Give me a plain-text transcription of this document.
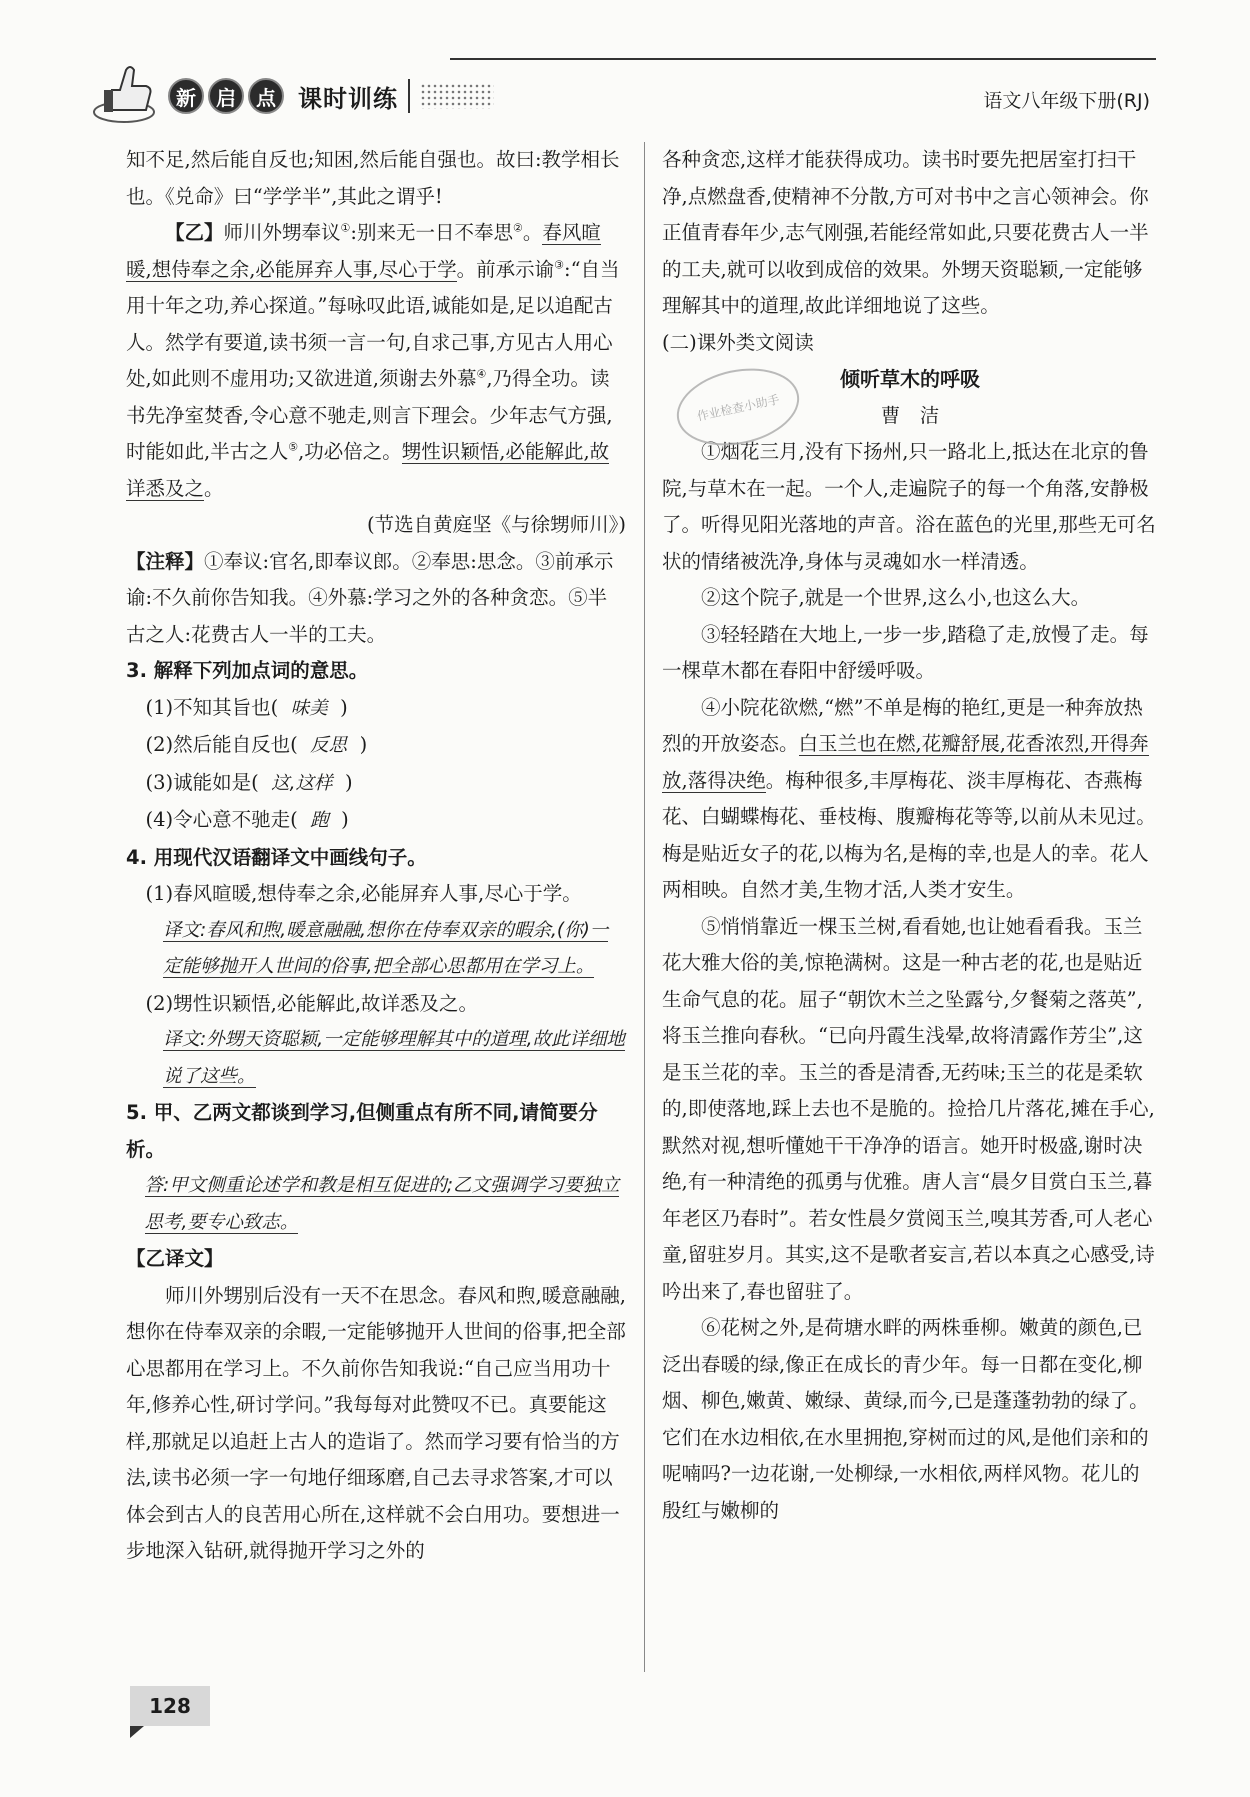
新	启	点 课时训练	语文八年级下册(RJ)

知不足,然后能自反也;知困,然后能自强也。故曰:教学相长也。《兑命》曰“学学半”,其此之谓乎!

【乙】师川外甥奉议①:别来无一日不奉思②。春风暄暖,想侍奉之余,必能屏弃人事,尽心于学。前承示谕③:“自当用十年之功,养心探道。”每咏叹此语,诚能如是,足以追配古人。然学有要道,读书须一言一句,自求己事,方见古人用心处,如此则不虚用功;又欲进道,须谢去外慕④,乃得全功。读书先净室焚香,令心意不驰走,则言下理会。少年志气方强,时能如此,半古之人⑤,功必倍之。甥性识颖悟,必能解此,故详悉及之。

(节选自黄庭坚《与徐甥师川》)

【注释】①奉议:官名,即奉议郎。②奉思:思念。③前承示谕:不久前你告知我。④外慕:学习之外的各种贪恋。⑤半古之人:花费古人一半的工夫。

3. 解释下列加点词的意思。

(1)不知其旨也( 味美 )

(2)然后能自反也( 反思 )

(3)诚能如是( 这,这样 )

(4)令心意不驰走( 跑 )

4. 用现代汉语翻译文中画线句子。

(1)春风暄暖,想侍奉之余,必能屏弃人事,尽心于学。

译文:春风和煦,暖意融融,想你在侍奉双亲的暇余,(你)一定能够抛开人世间的俗事,把全部心思都用在学习上。

(2)甥性识颖悟,必能解此,故详悉及之。

译文:外甥天资聪颖,一定能够理解其中的道理,故此详细地说了这些。

5. 甲、乙两文都谈到学习,但侧重点有所不同,请简要分析。

答:甲文侧重论述学和教是相互促进的;乙文强调学习要独立思考,要专心致志。

【乙译文】

师川外甥别后没有一天不在思念。春风和煦,暖意融融,想你在侍奉双亲的余暇,一定能够抛开人世间的俗事,把全部心思都用在学习上。不久前你告知我说:“自己应当用功十年,修养心性,研讨学问。”我每每对此赞叹不已。真要能这样,那就足以追赶上古人的造诣了。然而学习要有恰当的方法,读书必须一字一句地仔细琢磨,自己去寻求答案,才可以体会到古人的良苦用心所在,这样就不会白用功。要想进一步地深入钻研,就得抛开学习之外的

各种贪恋,这样才能获得成功。读书时要先把居室打扫干净,点燃盘香,使精神不分散,方可对书中之言心领神会。你正值青春年少,志气刚强,若能经常如此,只要花费古人一半的工夫,就可以收到成倍的效果。外甥天资聪颖,一定能够理解其中的道理,故此详细地说了这些。

(二)课外类文阅读

倾听草木的呼吸

曹　洁

①烟花三月,没有下扬州,只一路北上,抵达在北京的鲁院,与草木在一起。一个人,走遍院子的每一个角落,安静极了。听得见阳光落地的声音。浴在蓝色的光里,那些无可名状的情绪被洗净,身体与灵魂如水一样清透。

②这个院子,就是一个世界,这么小,也这么大。

③轻轻踏在大地上,一步一步,踏稳了走,放慢了走。每一棵草木都在春阳中舒缓呼吸。

④小院花欲燃,“燃”不单是梅的艳红,更是一种奔放热烈的开放姿态。白玉兰也在燃,花瓣舒展,花香浓烈,开得奔放,落得决绝。梅种很多,丰厚梅花、淡丰厚梅花、杏燕梅花、白蝴蝶梅花、垂枝梅、腹瓣梅花等等,以前从未见过。梅是贴近女子的花,以梅为名,是梅的幸,也是人的幸。花人两相映。自然才美,生物才活,人类才安生。

⑤悄悄靠近一棵玉兰树,看看她,也让她看看我。玉兰花大雅大俗的美,惊艳满树。这是一种古老的花,也是贴近生命气息的花。屈子“朝饮木兰之坠露兮,夕餐菊之落英”,将玉兰推向春秋。“已向丹霞生浅晕,故将清露作芳尘”,这是玉兰花的幸。玉兰的香是清香,无药味;玉兰的花是柔软的,即使落地,踩上去也不是脆的。捡拾几片落花,摊在手心,默然对视,想听懂她干干净净的语言。她开时极盛,谢时决绝,有一种清绝的孤勇与优雅。唐人言“晨夕目赏白玉兰,暮年老区乃春时”。若女性晨夕赏阅玉兰,嗅其芳香,可人老心童,留驻岁月。其实,这不是歌者妄言,若以本真之心感受,诗吟出来了,春也留驻了。

⑥花树之外,是荷塘水畔的两株垂柳。嫩黄的颜色,已泛出春暖的绿,像正在成长的青少年。每一日都在变化,柳烟、柳色,嫩黄、嫩绿、黄绿,而今,已是蓬蓬勃勃的绿了。它们在水边相依,在水里拥抱,穿树而过的风,是他们亲和的呢喃吗?一边花谢,一处柳绿,一水相依,两样风物。花儿的殷红与嫩柳的

作业检查小助手
128
